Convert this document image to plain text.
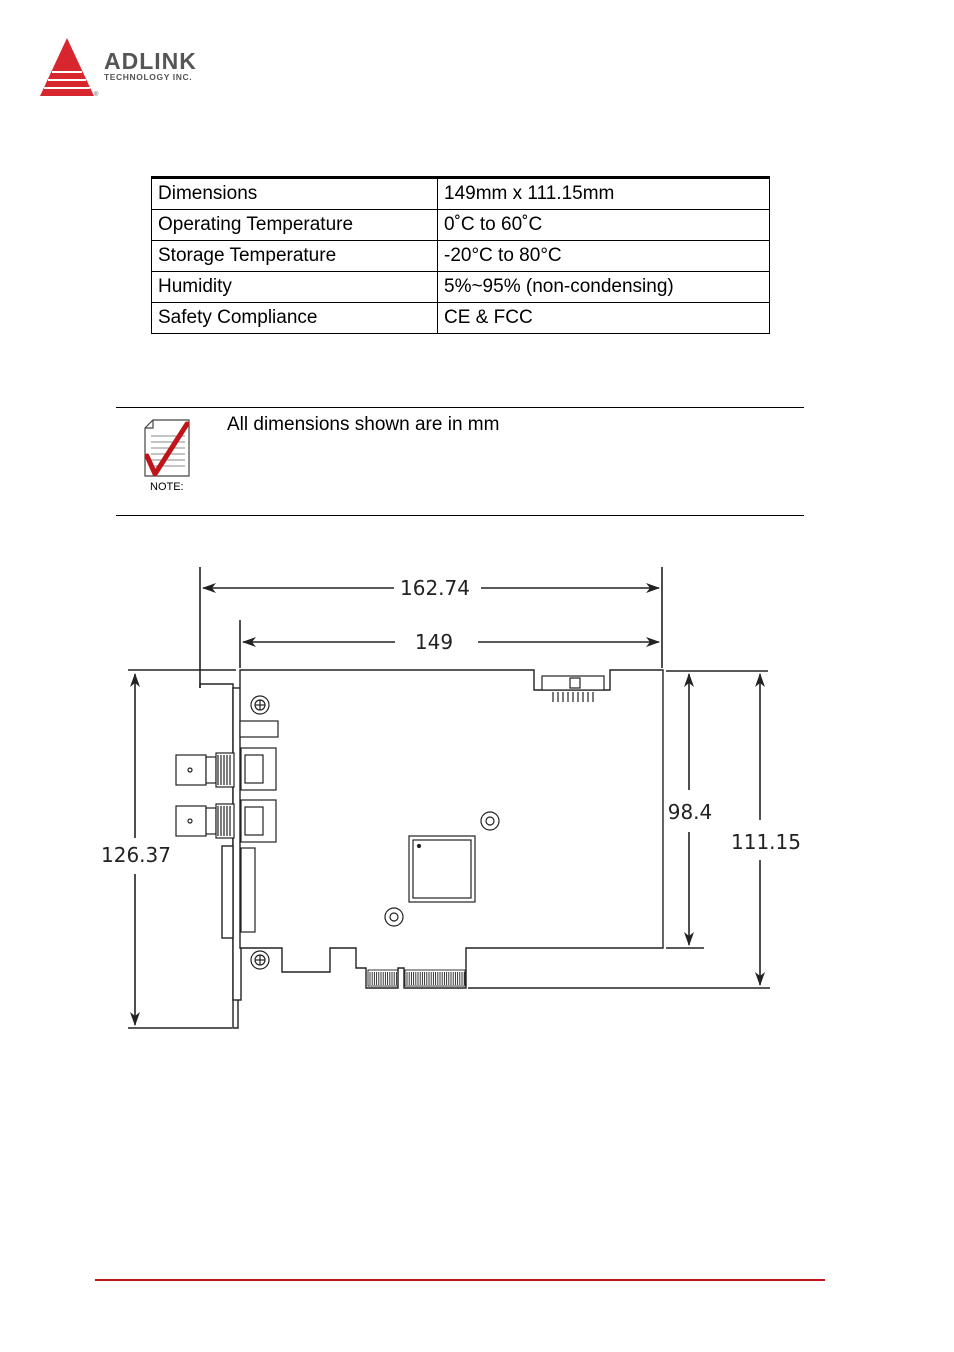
®
ADLINK
TECHNOLOGY INC.
Dimensions	149mm x 111.15mm
Operating Temperature	0˚C to 60˚C
Storage Temperature	-20°C to 80°C
Humidity	5%~95% (non-condensing)
Safety Compliance	CE & FCC
NOTE:
All dimensions shown are in mm
162.74
149
126.37
98.4
111.15
